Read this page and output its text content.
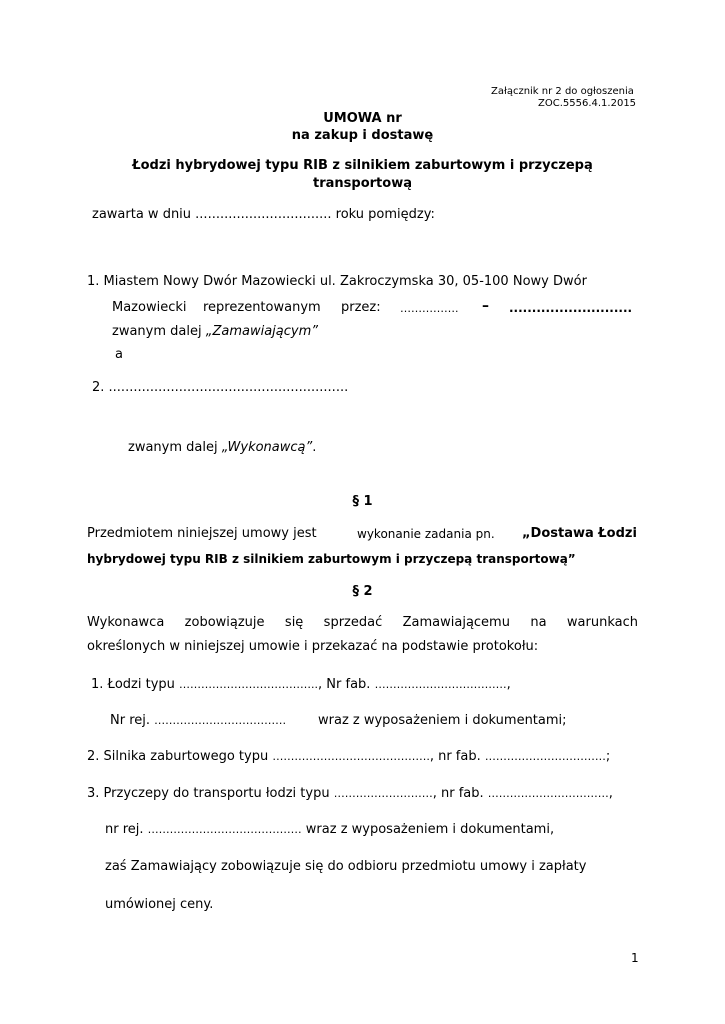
Załącznik nr 2 do ogłoszenia
ZOC.5556.4.1.2015
UMOWA nr
na zakup i dostawę
Łodzi hybrydowej typu RIB z silnikiem zaburtowym i przyczepą
transportową
zawarta w dniu ................................. roku pomiędzy:
1. Miastem Nowy Dwór Mazowiecki ul. Zakroczymska 30, 05-100 Nowy Dwór
Mazowiecki reprezentowanym przez: ……………. – ...........................
zwanym dalej „Zamawiającym”
a
2. ..........................................................
zwanym dalej „Wykonawcą”.
§ 1
Przedmiotem niniejszej umowy jest	wykonanie zadania pn. „Dostawa Łodzi
hybrydowej typu RIB z silnikiem zaburtowym i przyczepą transportową”
§ 2
Wykonawca zobowiązuje się sprzedać Zamawiającemu na warunkach
określonych w niniejszej umowie i przekazać na podstawie protokołu:
1. Łodzi typu ……………………………….., Nr fab. ………………………………,
Nr rej. ……………………………… wraz z wyposażeniem i dokumentami;
2. Silnika zaburtowego typu ……………………………………., nr fab. ……………………………;
3. Przyczepy do transportu łodzi typu ………………………, nr fab. ……………………………,
nr rej. …………………………………… wraz z wyposażeniem i dokumentami,
zaś Zamawiający zobowiązuje się do odbioru przedmiotu umowy i zapłaty
umówionej ceny.
1
